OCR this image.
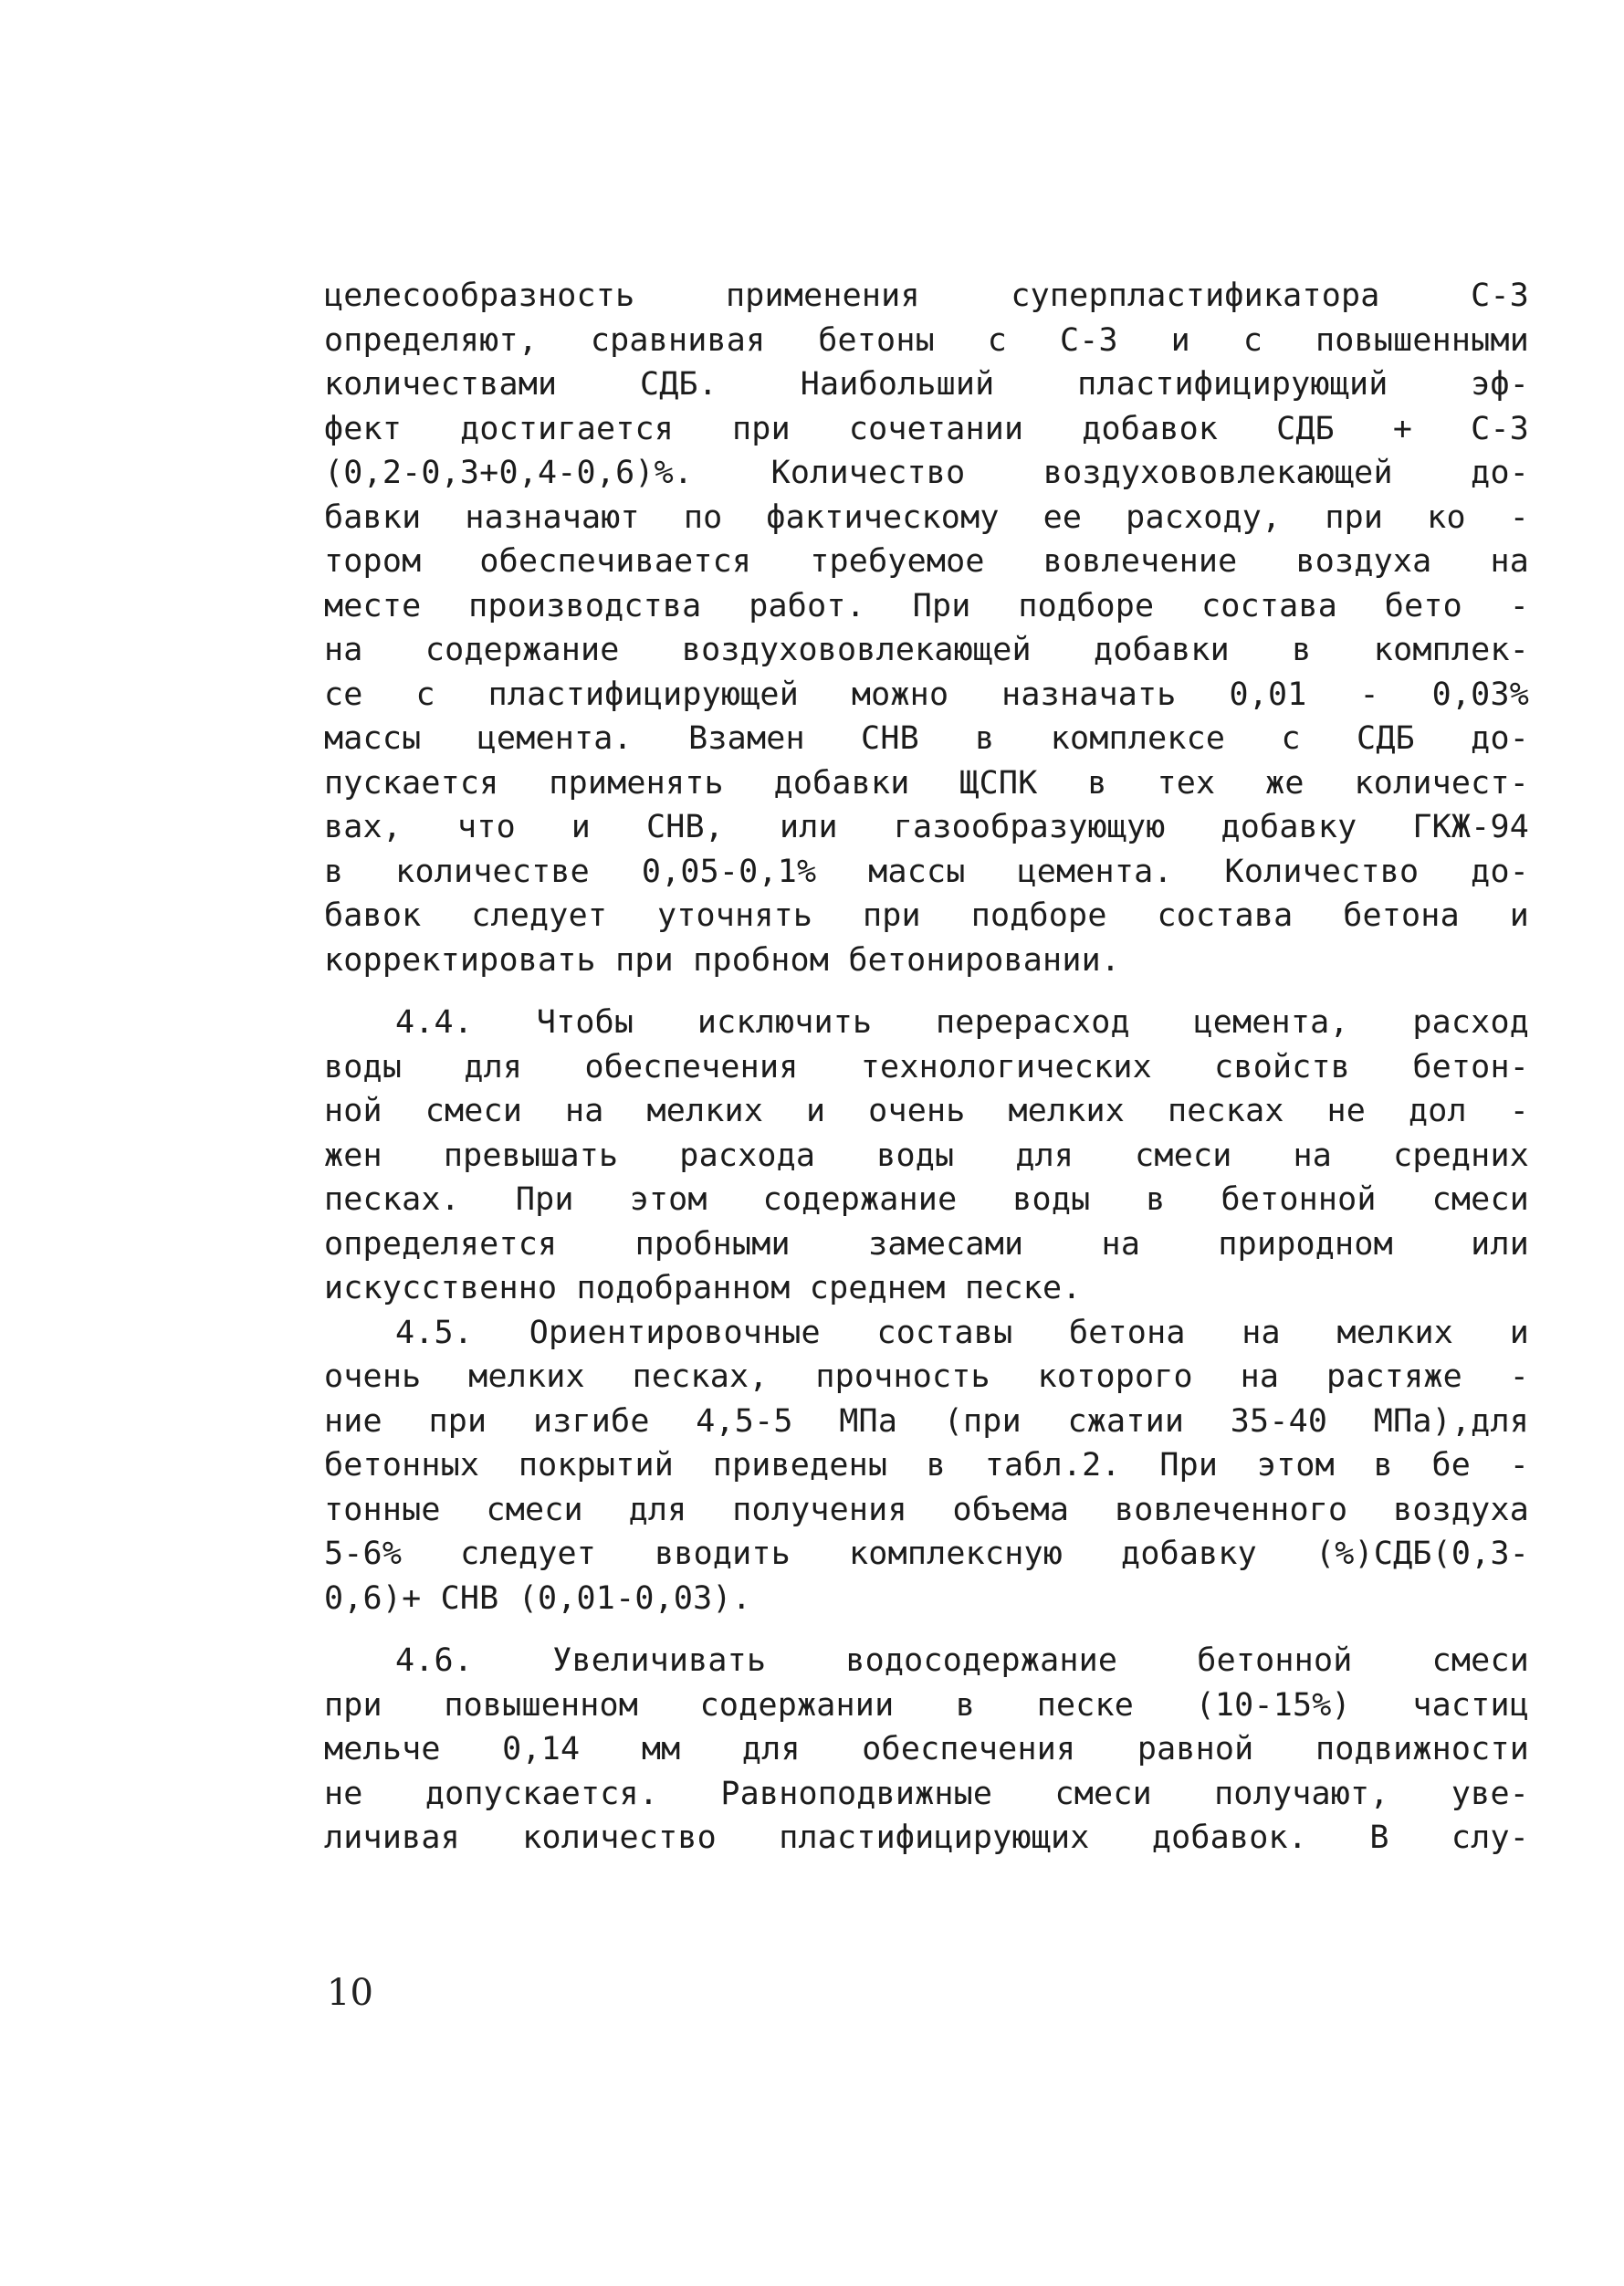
целесообразность применения суперпластификатора С-3
определяют, сравнивая бетоны с С-3 и с повышенными
количествами СДБ. Наибольший пластифицирующий эф-
фект достигается при сочетании добавок СДБ + С-3
(0,2-0,3+0,4-0,6)%. Количество воздухововлекающей до-
бавки назначают по фактическому ее расходу, при ко -
тором обеспечивается требуемое вовлечение воздуха на
месте производства работ. При подборе состава бето -
на содержание воздухововлекающей добавки в комплек-
се с пластифицирующей можно назначать 0,01 - 0,03%
массы цемента. Взамен СНВ в комплексе с СДБ до-
пускается применять добавки ЩСПК в тех же количест-
вах, что и СНВ, или газообразующую добавку ГКЖ-94
в количестве 0,05-0,1% массы цемента. Количество до-
бавок следует уточнять при подборе состава бетона и
корректировать при пробном бетонировании.
4.4. Чтобы исключить перерасход цемента, расход
воды для обеспечения технологических свойств бетон-
ной смеси на мелких и очень мелких песках не дол -
жен превышать расхода воды для смеси на средних
песках. При этом содержание воды в бетонной смеси
определяется пробными замесами на природном или
искусственно подобранном среднем песке.
4.5. Ориентировочные составы бетона на мелких и
очень мелких песках, прочность которого на растяже -
ние при изгибе 4,5-5 МПа (при сжатии 35-40 МПа),для
бетонных покрытий приведены в табл.2. При этом в бе -
тонные смеси для получения объема вовлеченного воздуха
5-6% следует вводить комплексную добавку (%)СДБ(0,3-
0,6)+ СНВ (0,01-0,03).
4.6. Увеличивать водосодержание бетонной смеси
при повышенном содержании в песке (10-15%) частиц
мельче 0,14 мм для обеспечения равной подвижности
не допускается. Равноподвижные смеси получают, уве-
личивая количество пластифицирующих добавок. В слу-
10
